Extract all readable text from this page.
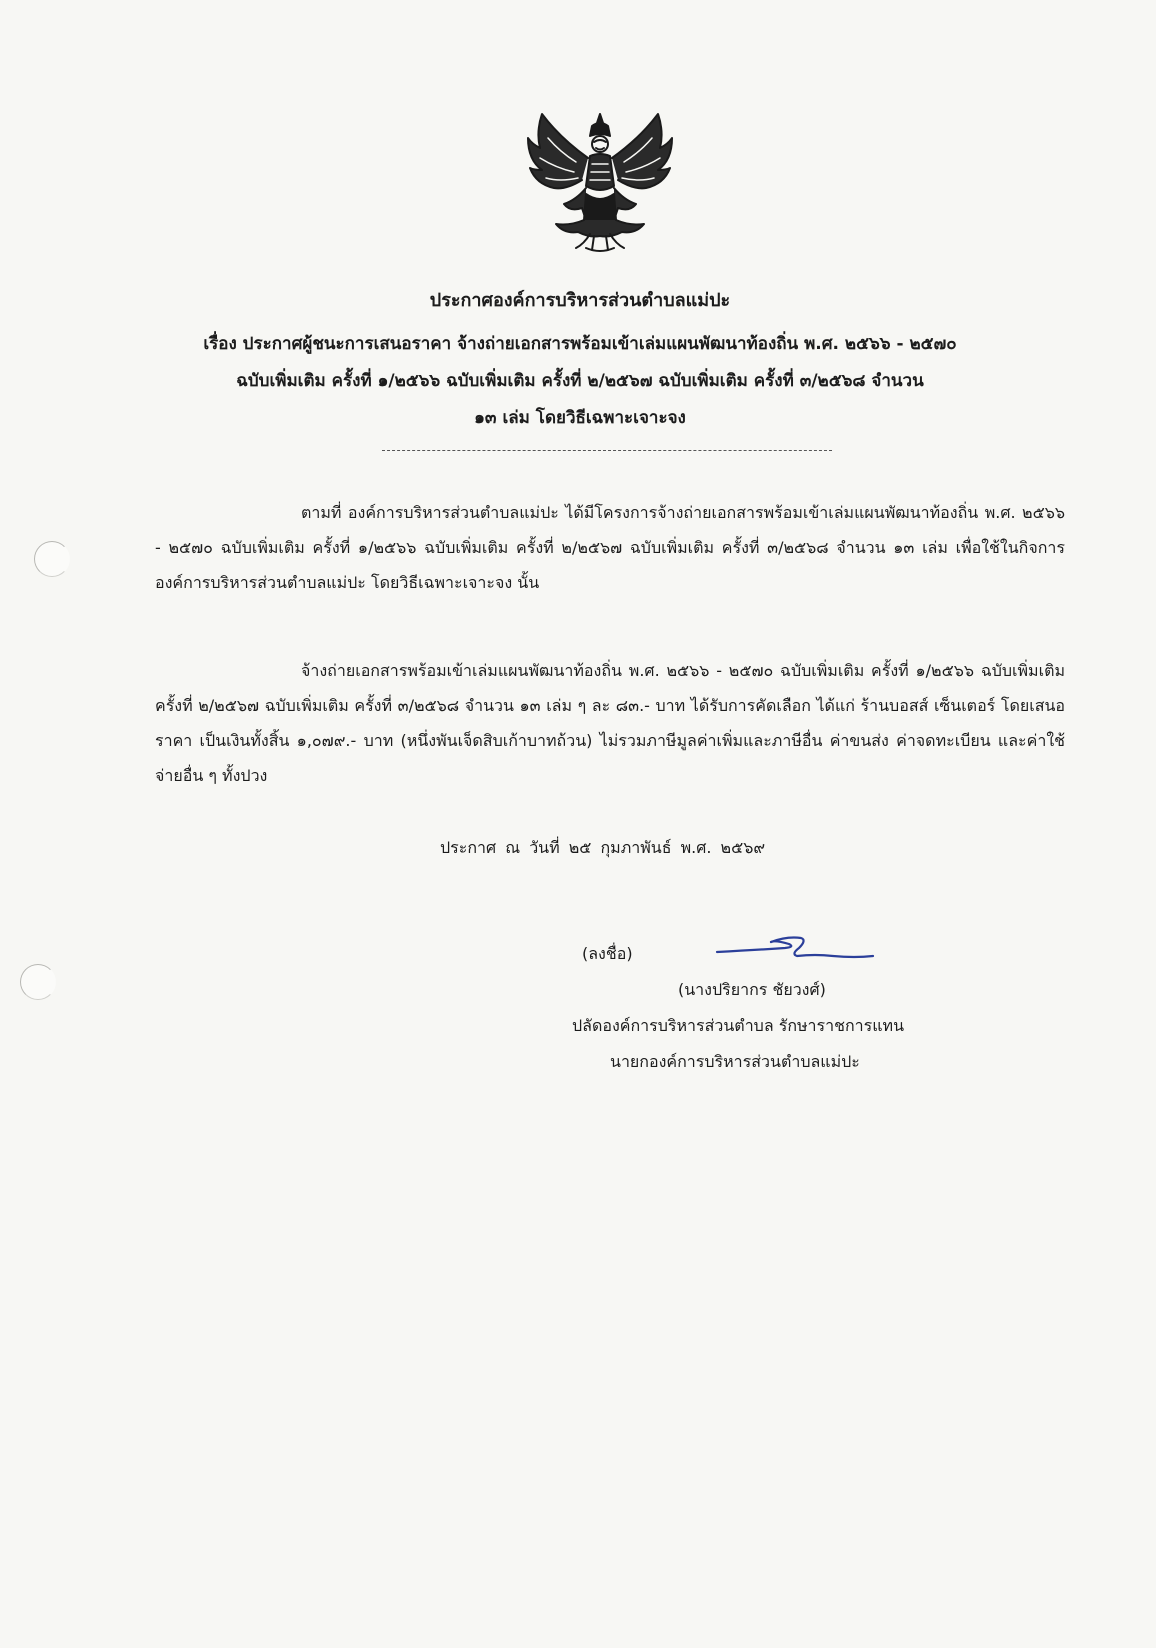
ประกาศองค์การบริหารส่วนตำบลแม่ปะ
เรื่อง ประกาศผู้ชนะการเสนอราคา จ้างถ่ายเอกสารพร้อมเข้าเล่มแผนพัฒนาท้องถิ่น พ.ศ. ๒๕๖๖ - ๒๕๗๐
ฉบับเพิ่มเติม ครั้งที่ ๑/๒๕๖๖ ฉบับเพิ่มเติม ครั้งที่ ๒/๒๕๖๗ ฉบับเพิ่มเติม ครั้งที่ ๓/๒๕๖๘ จำนวน
๑๓ เล่ม โดยวิธีเฉพาะเจาะจง

ตามที่ องค์การบริหารส่วนตำบลแม่ปะ ได้มีโครงการจ้างถ่ายเอกสารพร้อมเข้าเล่มแผนพัฒนาท้องถิ่น พ.ศ. ๒๕๖๖ - ๒๕๗๐ ฉบับเพิ่มเติม ครั้งที่ ๑/๒๕๖๖ ฉบับเพิ่มเติม ครั้งที่ ๒/๒๕๖๗ ฉบับเพิ่มเติม ครั้งที่ ๓/๒๕๖๘ จำนวน ๑๓ เล่ม เพื่อใช้ในกิจการองค์การบริหารส่วนตำบลแม่ปะ โดยวิธีเฉพาะเจาะจง นั้น

จ้างถ่ายเอกสารพร้อมเข้าเล่มแผนพัฒนาท้องถิ่น พ.ศ. ๒๕๖๖ - ๒๕๗๐ ฉบับเพิ่มเติม ครั้งที่ ๑/๒๕๖๖ ฉบับเพิ่มเติม ครั้งที่ ๒/๒๕๖๗ ฉบับเพิ่มเติม ครั้งที่ ๓/๒๕๖๘ จำนวน ๑๓ เล่ม ๆ ละ ๘๓.- บาท ได้รับการคัดเลือก ได้แก่ ร้านบอสส์ เซ็นเตอร์ โดยเสนอราคา เป็นเงินทั้งสิ้น ๑,๐๗๙.- บาท (หนึ่งพันเจ็ดสิบเก้าบาทถ้วน) ไม่รวมภาษีมูลค่าเพิ่มและภาษีอื่น ค่าขนส่ง ค่าจดทะเบียน และค่าใช้จ่ายอื่น ๆ ทั้งปวง

ประกาศ ณ วันที่ ๒๕ กุมภาพันธ์ พ.ศ. ๒๕๖๙
(ลงชื่อ)
(นางปริยากร ชัยวงศ์)
ปลัดองค์การบริหารส่วนตำบล รักษาราชการแทน
นายกองค์การบริหารส่วนตำบลแม่ปะ
